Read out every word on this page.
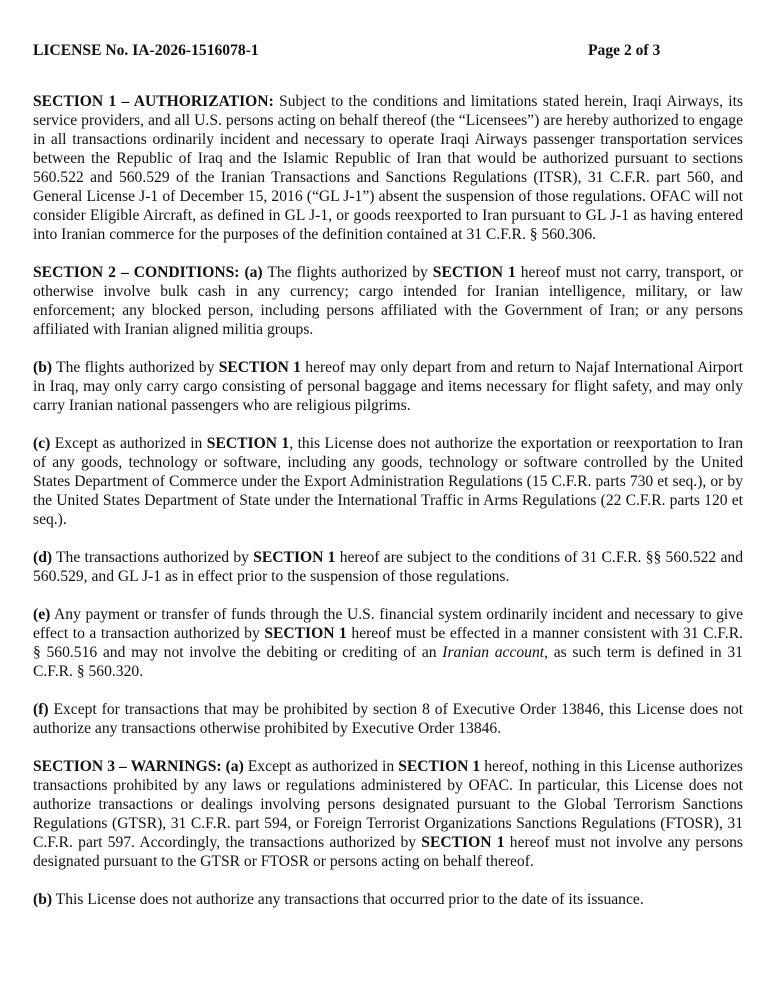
LICENSE No. IA-2026-1516078-1	Page 2 of 3

SECTION 1 – AUTHORIZATION: Subject to the conditions and limitations stated herein, Iraqi Airways, its service providers, and all U.S. persons acting on behalf thereof (the “Licensees”) are hereby authorized to engage in all transactions ordinarily incident and necessary to operate Iraqi Airways passenger transportation services between the Republic of Iraq and the Islamic Republic of Iran that would be authorized pursuant to sections 560.522 and 560.529 of the Iranian Transactions and Sanctions Regulations (ITSR), 31 C.F.R. part 560, and General License J-1 of December 15, 2016 (“GL J-1”) absent the suspension of those regulations. OFAC will not consider Eligible Aircraft, as defined in GL J-1, or goods reexported to Iran pursuant to GL J-1 as having entered into Iranian commerce for the purposes of the definition contained at 31 C.F.R. § 560.306.

SECTION 2 – CONDITIONS: (a) The flights authorized by SECTION 1 hereof must not carry, transport, or otherwise involve bulk cash in any currency; cargo intended for Iranian intelligence, military, or law enforcement; any blocked person, including persons affiliated with the Government of Iran; or any persons affiliated with Iranian aligned militia groups.

(b) The flights authorized by SECTION 1 hereof may only depart from and return to Najaf International Airport in Iraq, may only carry cargo consisting of personal baggage and items necessary for flight safety, and may only carry Iranian national passengers who are religious pilgrims.

(c) Except as authorized in SECTION 1, this License does not authorize the exportation or reexportation to Iran of any goods, technology or software, including any goods, technology or software controlled by the United States Department of Commerce under the Export Administration Regulations (15 C.F.R. parts 730 et seq.), or by the United States Department of State under the International Traffic in Arms Regulations (22 C.F.R. parts 120 et seq.).

(d) The transactions authorized by SECTION 1 hereof are subject to the conditions of 31 C.F.R. §§ 560.522 and 560.529, and GL J-1 as in effect prior to the suspension of those regulations.

(e) Any payment or transfer of funds through the U.S. financial system ordinarily incident and necessary to give effect to a transaction authorized by SECTION 1 hereof must be effected in a manner consistent with 31 C.F.R. § 560.516 and may not involve the debiting or crediting of an Iranian account, as such term is defined in 31 C.F.R. § 560.320.

(f) Except for transactions that may be prohibited by section 8 of Executive Order 13846, this License does not authorize any transactions otherwise prohibited by Executive Order 13846.

SECTION 3 – WARNINGS: (a) Except as authorized in SECTION 1 hereof, nothing in this License authorizes transactions prohibited by any laws or regulations administered by OFAC. In particular, this License does not authorize transactions or dealings involving persons designated pursuant to the Global Terrorism Sanctions Regulations (GTSR), 31 C.F.R. part 594, or Foreign Terrorist Organizations Sanctions Regulations (FTOSR), 31 C.F.R. part 597. Accordingly, the transactions authorized by SECTION 1 hereof must not involve any persons designated pursuant to the GTSR or FTOSR or persons acting on behalf thereof.

(b) This License does not authorize any transactions that occurred prior to the date of its issuance.
